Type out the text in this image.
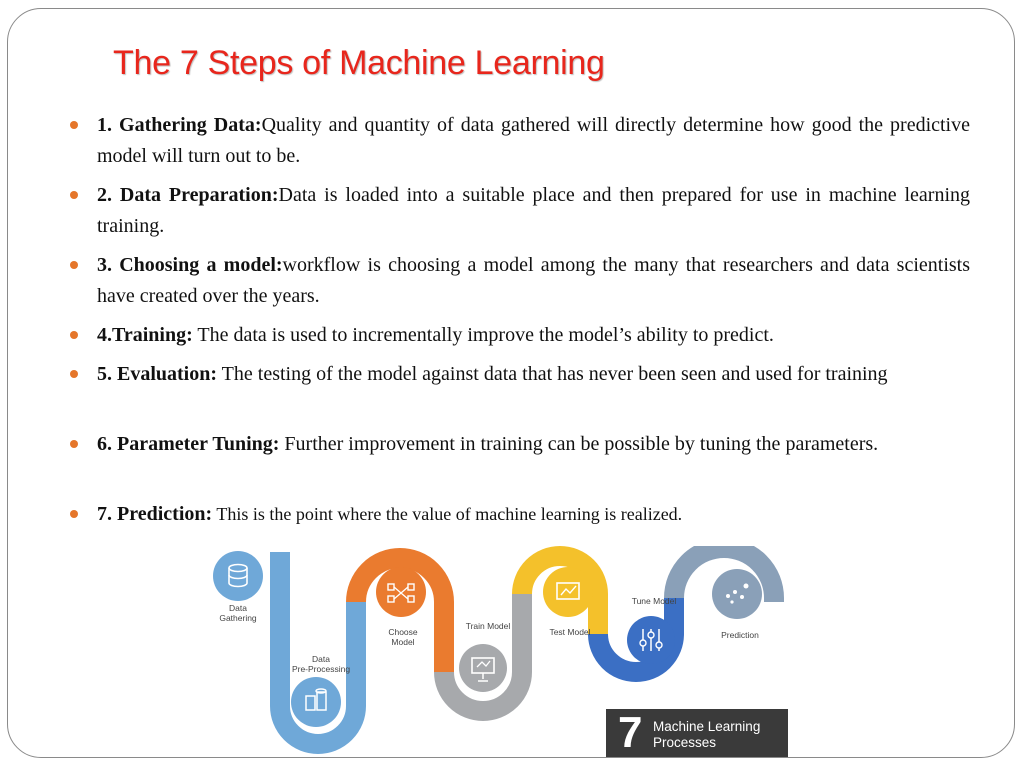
The 7 Steps of Machine Learning
1. Gathering Data:Quality and quantity of data gathered will directly determine how good the predictive model will turn out to be.
2. Data Preparation:Data is loaded into a suitable place and then prepared for use in machine learning training.
3. Choosing a model:workflow is choosing a model among the many that researchers and data scientists have created over the years.
4.Training: The data is used to incrementally improve the model’s ability to predict.
5. Evaluation: The testing of the model against data that has never been seen and used for training
6. Parameter Tuning: Further improvement in training can be possible by tuning the parameters.
7. Prediction: This is the point where the value of machine learning is realized.
Data
Gathering
Data
Pre-Processing
Choose
Model
Train Model
Test Model
Tune Model
Prediction
7 Machine Learning
Processes
